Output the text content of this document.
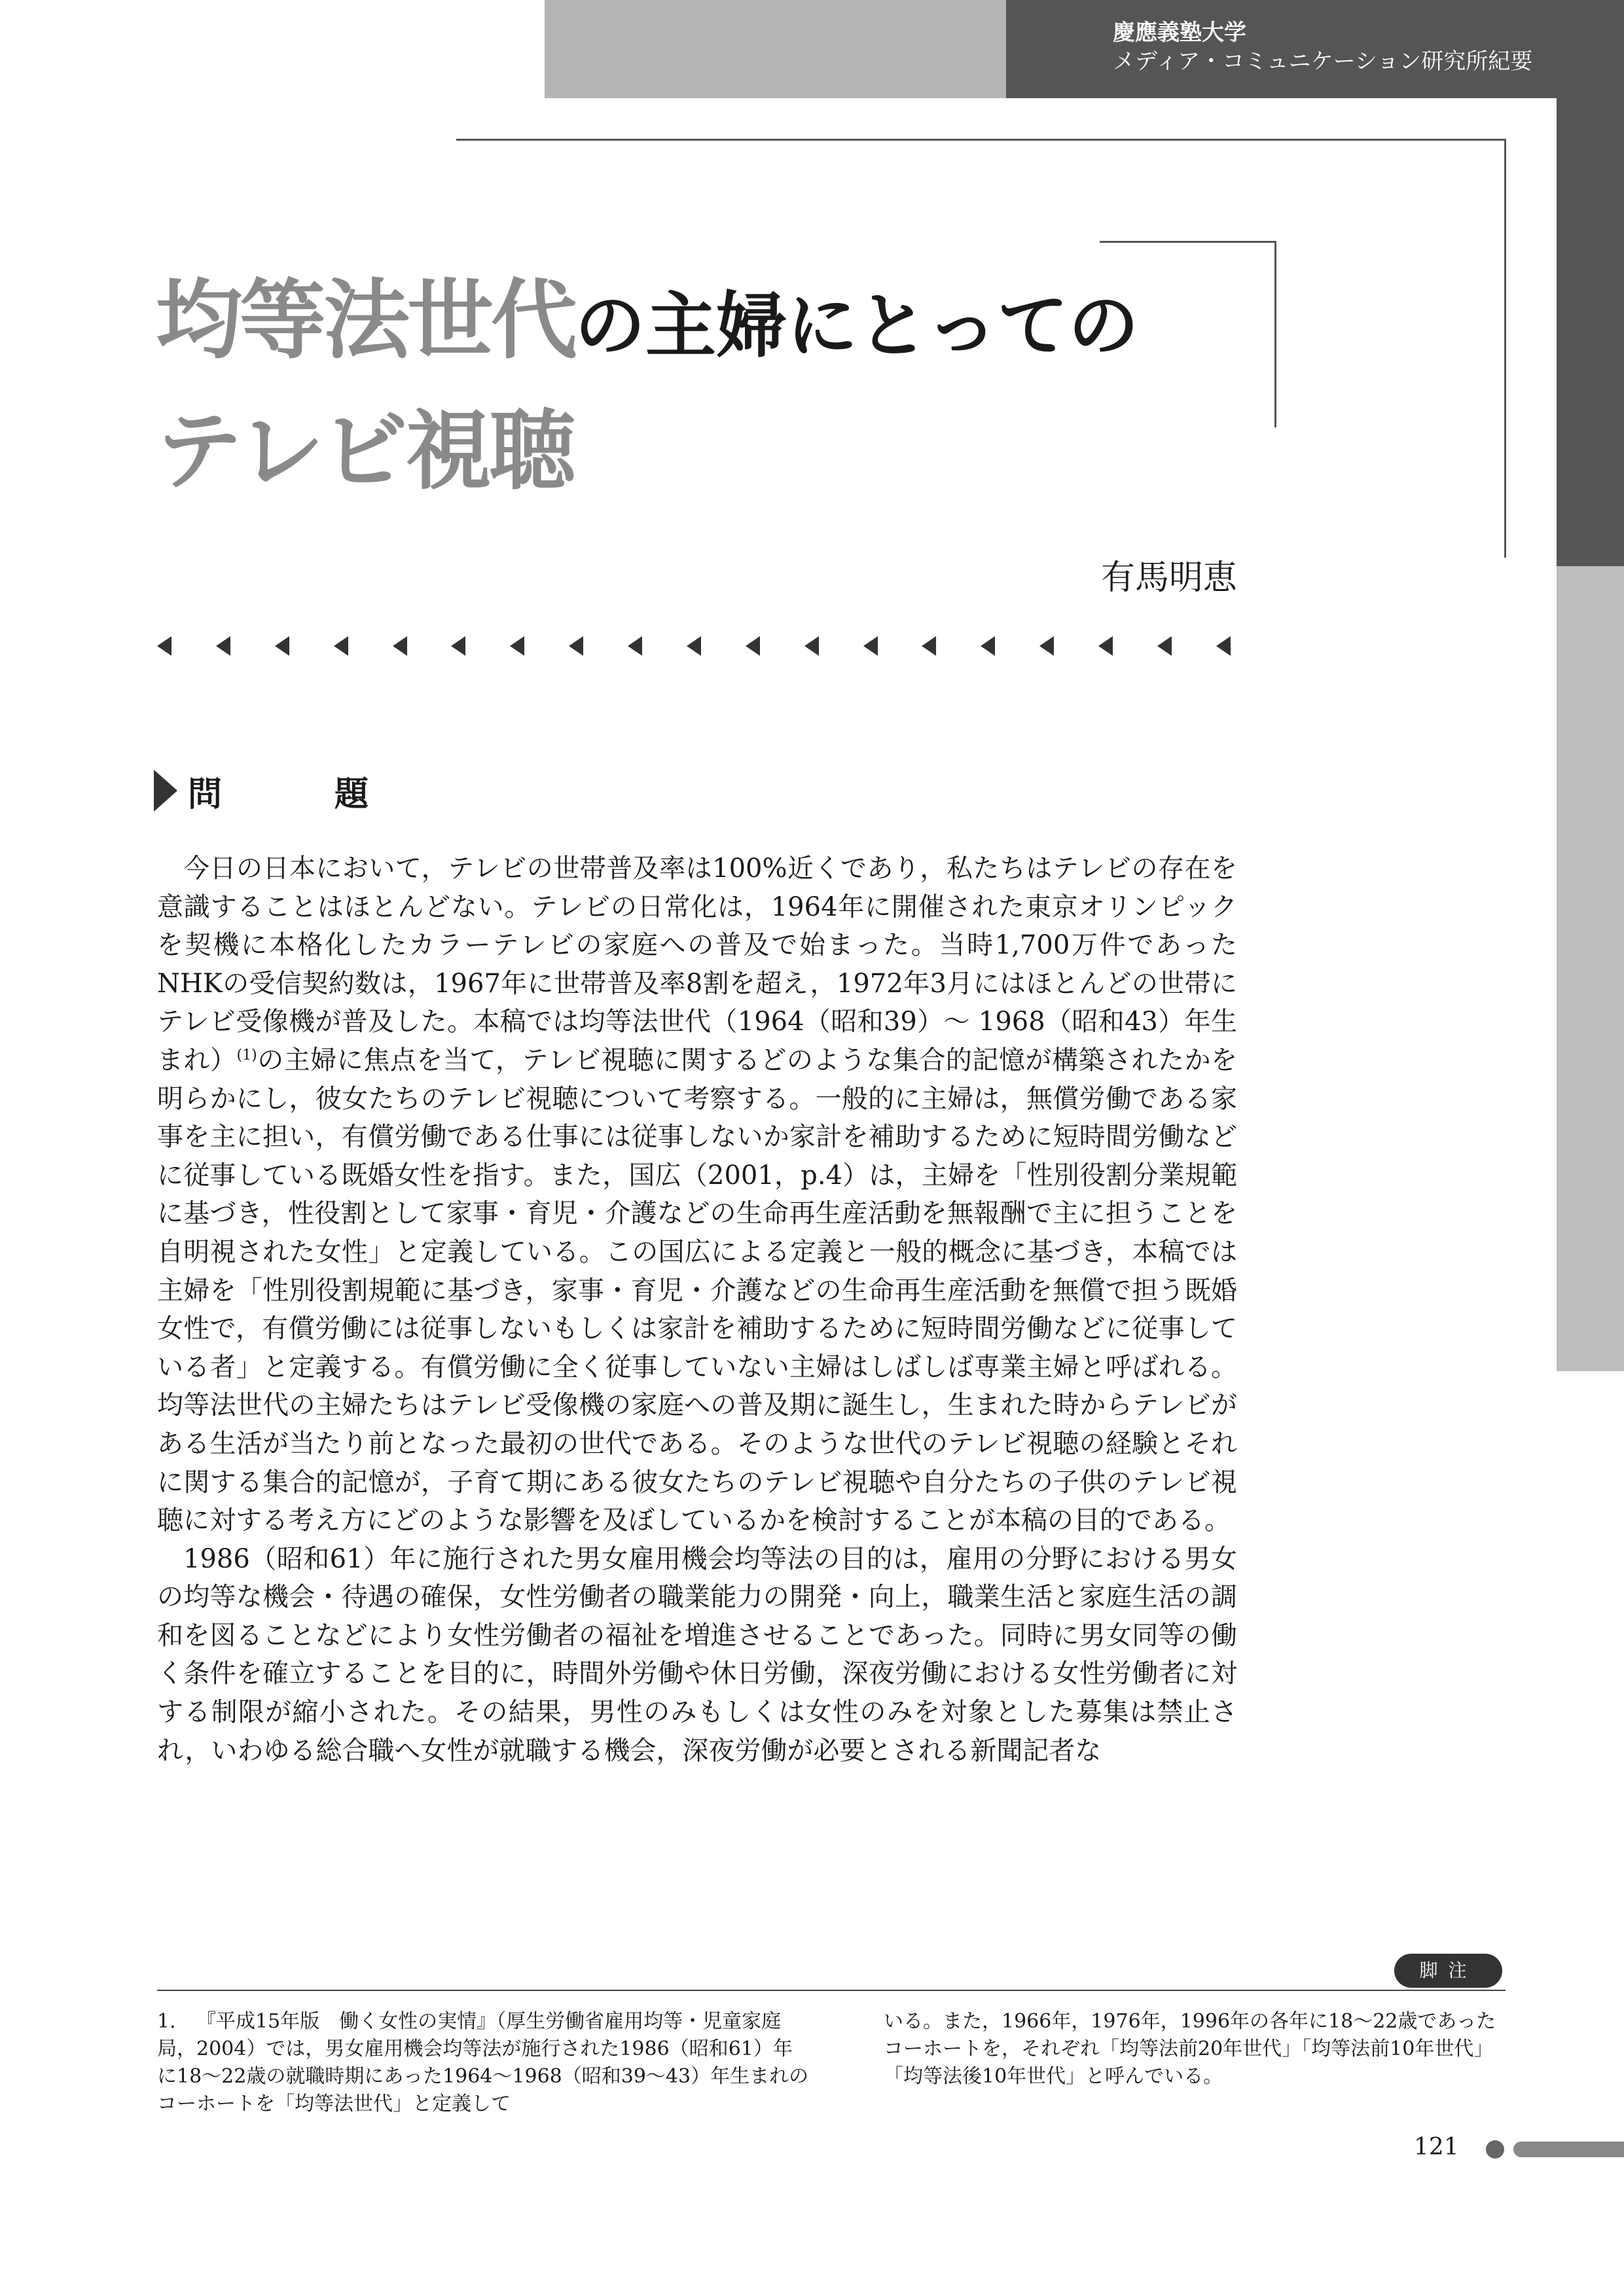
慶應義塾大学
メディア・コミュニケーション研究所紀要
均等法世代の主婦にとっての
テレビ視聴
有馬明恵
問　題

今日の日本において，テレビの世帯普及率は100%近くであり，私たちはテレビの存在を意識することはほとんどない。テレビの日常化は，1964年に開催された東京オリンピックを契機に本格化したカラーテレビの家庭への普及で始まった。当時1,700万件であったNHKの受信契約数は，1967年に世帯普及率8割を超え，1972年3月にはほとんどの世帯にテレビ受像機が普及した。本稿では均等法世代（1964（昭和39）～ 1968（昭和43）年生まれ）$^{(1)}$の主婦に焦点を当て，テレビ視聴に関するどのような集合的記憶が構築されたかを明らかにし，彼女たちのテレビ視聴について考察する。一般的に主婦は，無償労働である家事を主に担い，有償労働である仕事には従事しないか家計を補助するために短時間労働などに従事している既婚女性を指す。また，国広（2001，p.4）は，主婦を「性別役割分業規範に基づき，性役割として家事・育児・介護などの生命再生産活動を無報酬で主に担うことを自明視された女性」と定義している。この国広による定義と一般的概念に基づき，本稿では主婦を「性別役割規範に基づき，家事・育児・介護などの生命再生産活動を無償で担う既婚女性で，有償労働には従事しないもしくは家計を補助するために短時間労働などに従事している者」と定義する。有償労働に全く従事していない主婦はしばしば専業主婦と呼ばれる。均等法世代の主婦たちはテレビ受像機の家庭への普及期に誕生し，生まれた時からテレビがある生活が当たり前となった最初の世代である。そのような世代のテレビ視聴の経験とそれに関する集合的記憶が，子育て期にある彼女たちのテレビ視聴や自分たちの子供のテレビ視聴に対する考え方にどのような影響を及ぼしているかを検討することが本稿の目的である。

1986（昭和61）年に施行された男女雇用機会均等法の目的は，雇用の分野における男女の均等な機会・待遇の確保，女性労働者の職業能力の開発・向上，職業生活と家庭生活の調和を図ることなどにより女性労働者の福祉を増進させることであった。同時に男女同等の働く条件を確立することを目的に，時間外労働や休日労働，深夜労働における女性労働者に対する制限が縮小された。その結果，男性のみもしくは女性のみを対象とした募集は禁止され，いわゆる総合職へ女性が就職する機会，深夜労働が必要とされる新聞記者な

脚注
1． 『平成15年版　働く女性の実情』（厚生労働省雇用均等・児童家庭局，2004）では，男女雇用機会均等法が施行された1986（昭和61）年に18～22歳の就職時期にあった1964～1968（昭和39～43）年生まれのコーホートを「均等法世代」と定義して
いる。また，1966年，1976年，1996年の各年に18～22歳であったコーホートを，それぞれ「均等法前20年世代」「均等法前10年世代」「均等法後10年世代」と呼んでいる。
121
